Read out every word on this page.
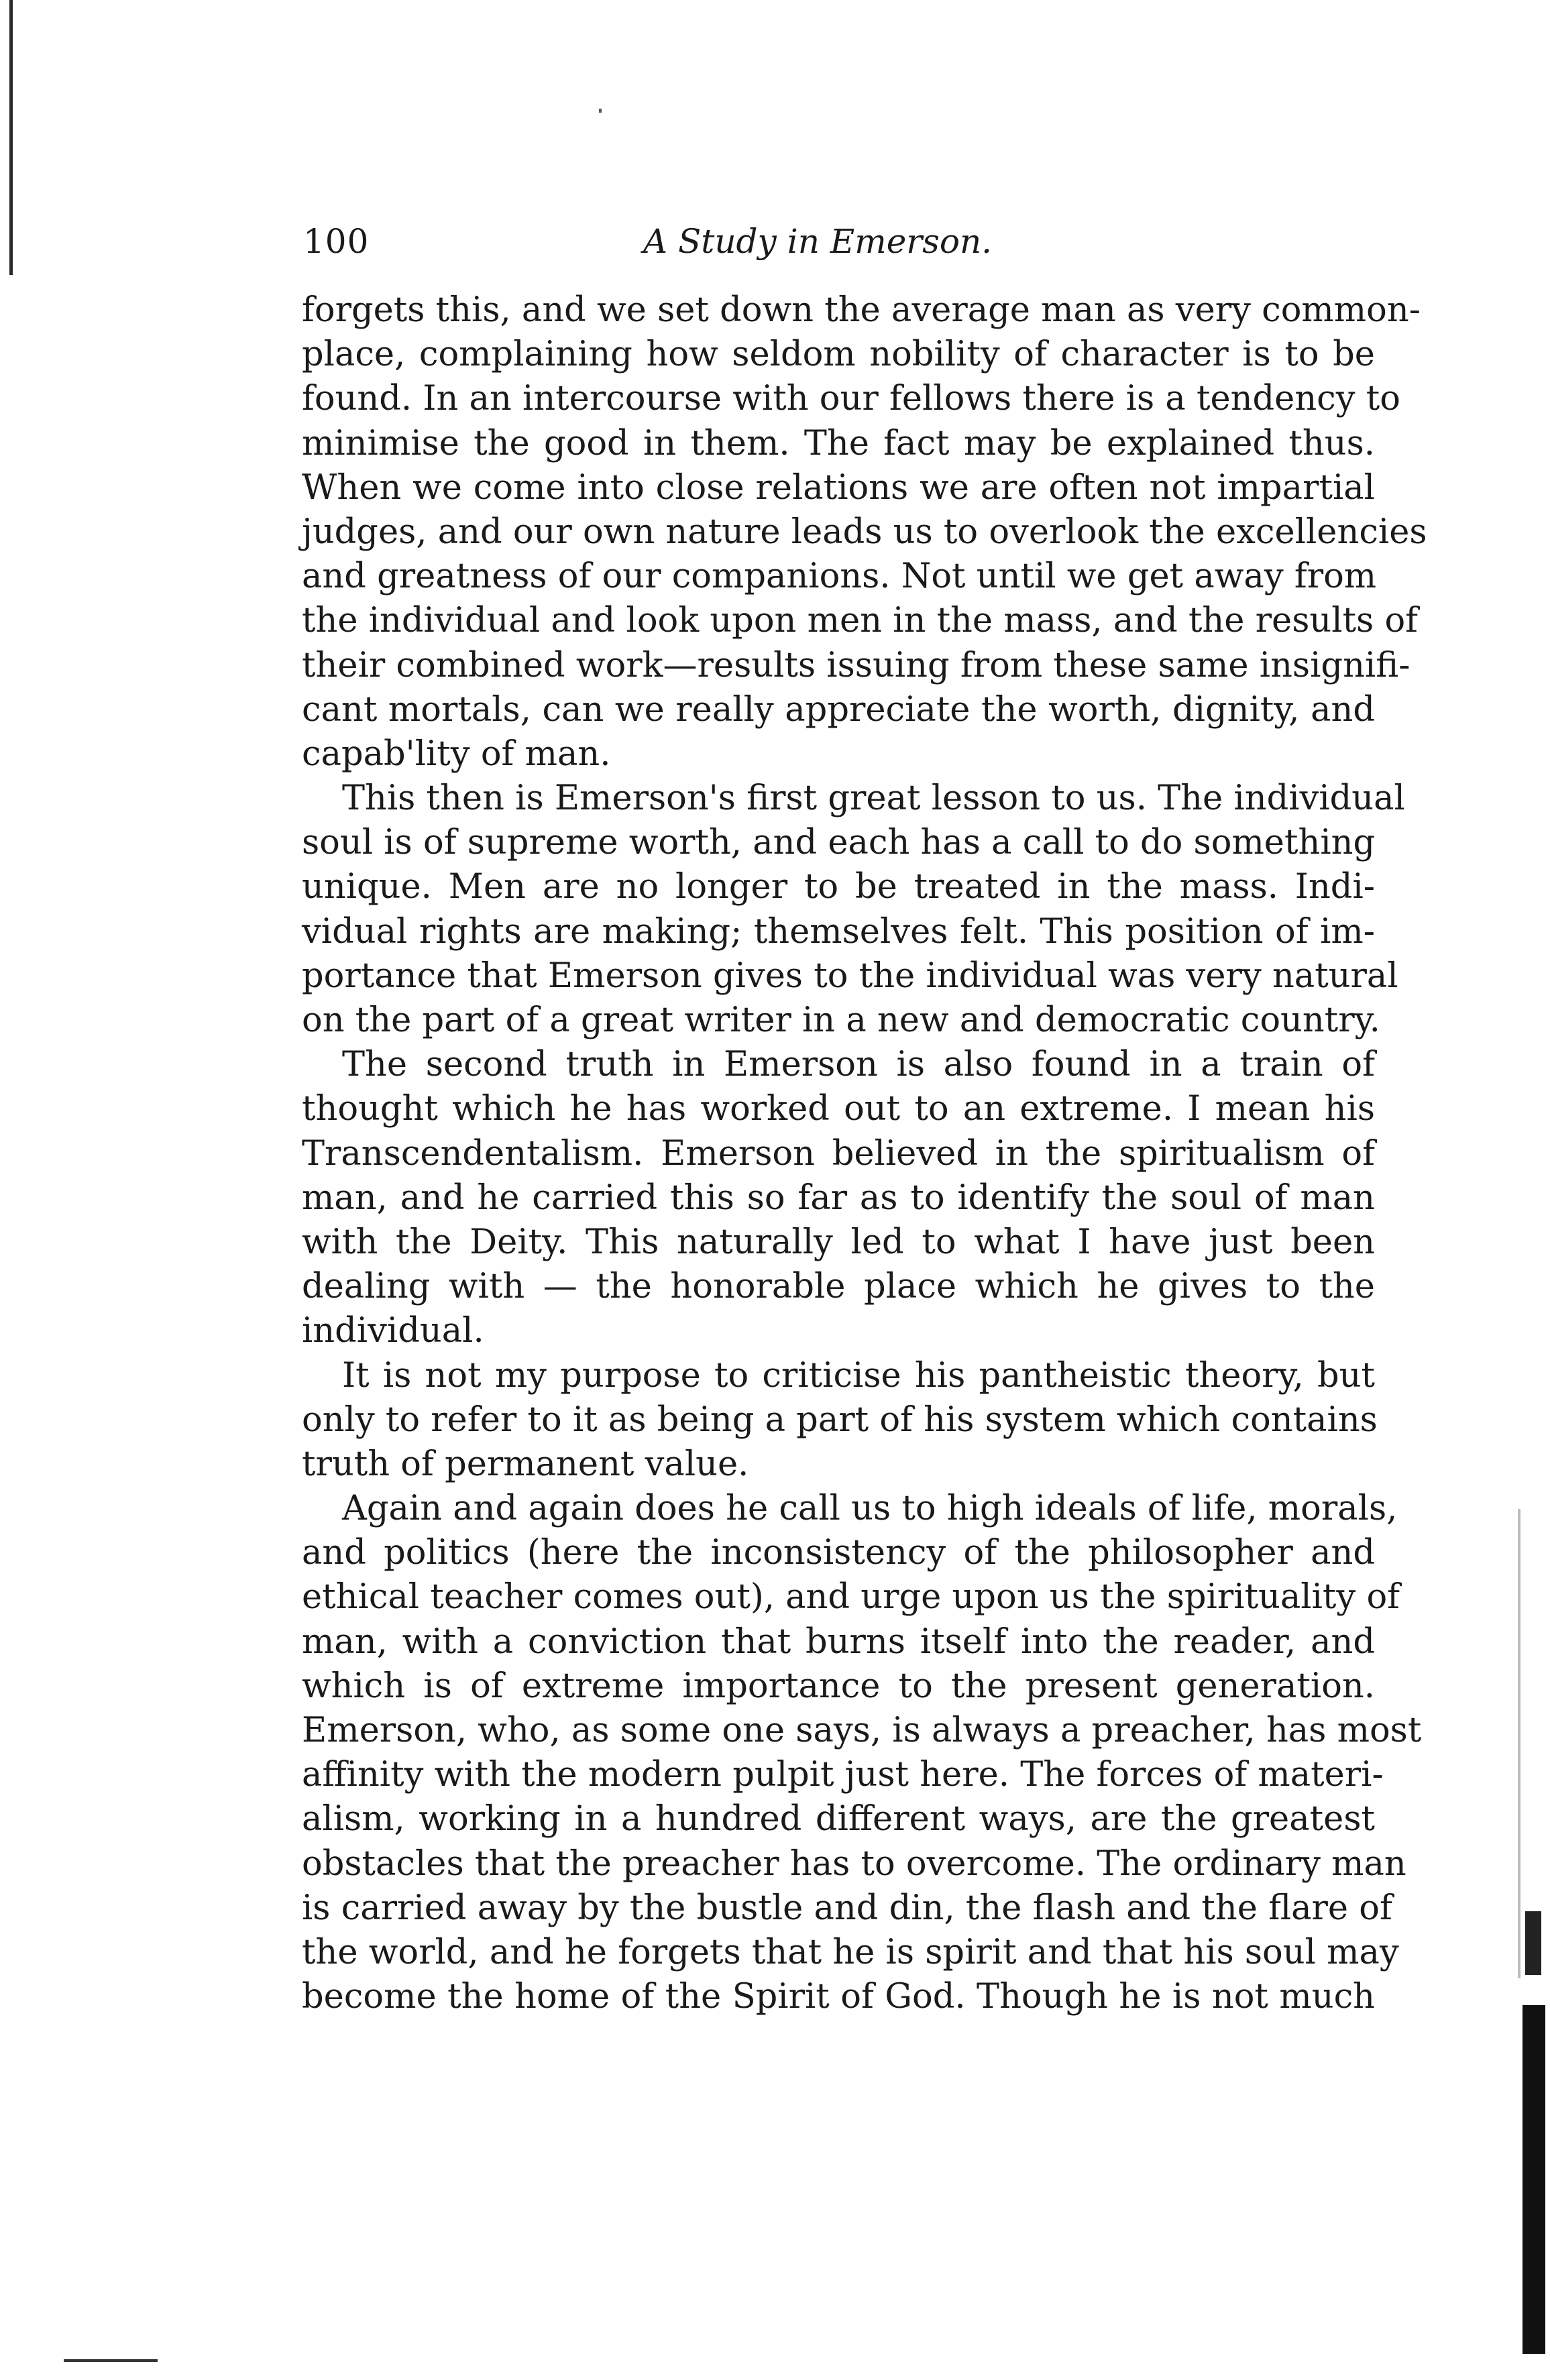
100	A Study in Emerson.
forgets this, and we set down the average man as very common-
place, complaining how seldom nobility of character is to be
found. In an intercourse with our fellows there is a tendency to
minimise the good in them. The fact may be explained thus.
When we come into close relations we are often not impartial
judges, and our own nature leads us to overlook the excellencies
and greatness of our companions. Not until we get away from
the individual and look upon men in the mass, and the results of
their combined work—results issuing from these same insignifi-
cant mortals, can we really appreciate the worth, dignity, and
capab'lity of man.
This then is Emerson's first great lesson to us. The individual
soul is of supreme worth, and each has a call to do something
unique. Men are no longer to be treated in the mass. Indi-
vidual rights are making; themselves felt. This position of im-
portance that Emerson gives to the individual was very natural
on the part of a great writer in a new and democratic country.
The second truth in Emerson is also found in a train of
thought which he has worked out to an extreme. I mean his
Transcendentalism. Emerson believed in the spiritualism of
man, and he carried this so far as to identify the soul of man
with the Deity. This naturally led to what I have just been
dealing with — the honorable place which he gives to the
individual.
It is not my purpose to criticise his pantheistic theory, but
only to refer to it as being a part of his system which contains
truth of permanent value.
Again and again does he call us to high ideals of life, morals,
and politics (here the inconsistency of the philosopher and
ethical teacher comes out), and urge upon us the spirituality of
man, with a conviction that burns itself into the reader, and
which is of extreme importance to the present generation.
Emerson, who, as some one says, is always a preacher, has most
affinity with the modern pulpit just here. The forces of materi-
alism, working in a hundred different ways, are the greatest
obstacles that the preacher has to overcome. The ordinary man
is carried away by the bustle and din, the flash and the flare of
the world, and he forgets that he is spirit and that his soul may
become the home of the Spirit of God. Though he is not much
